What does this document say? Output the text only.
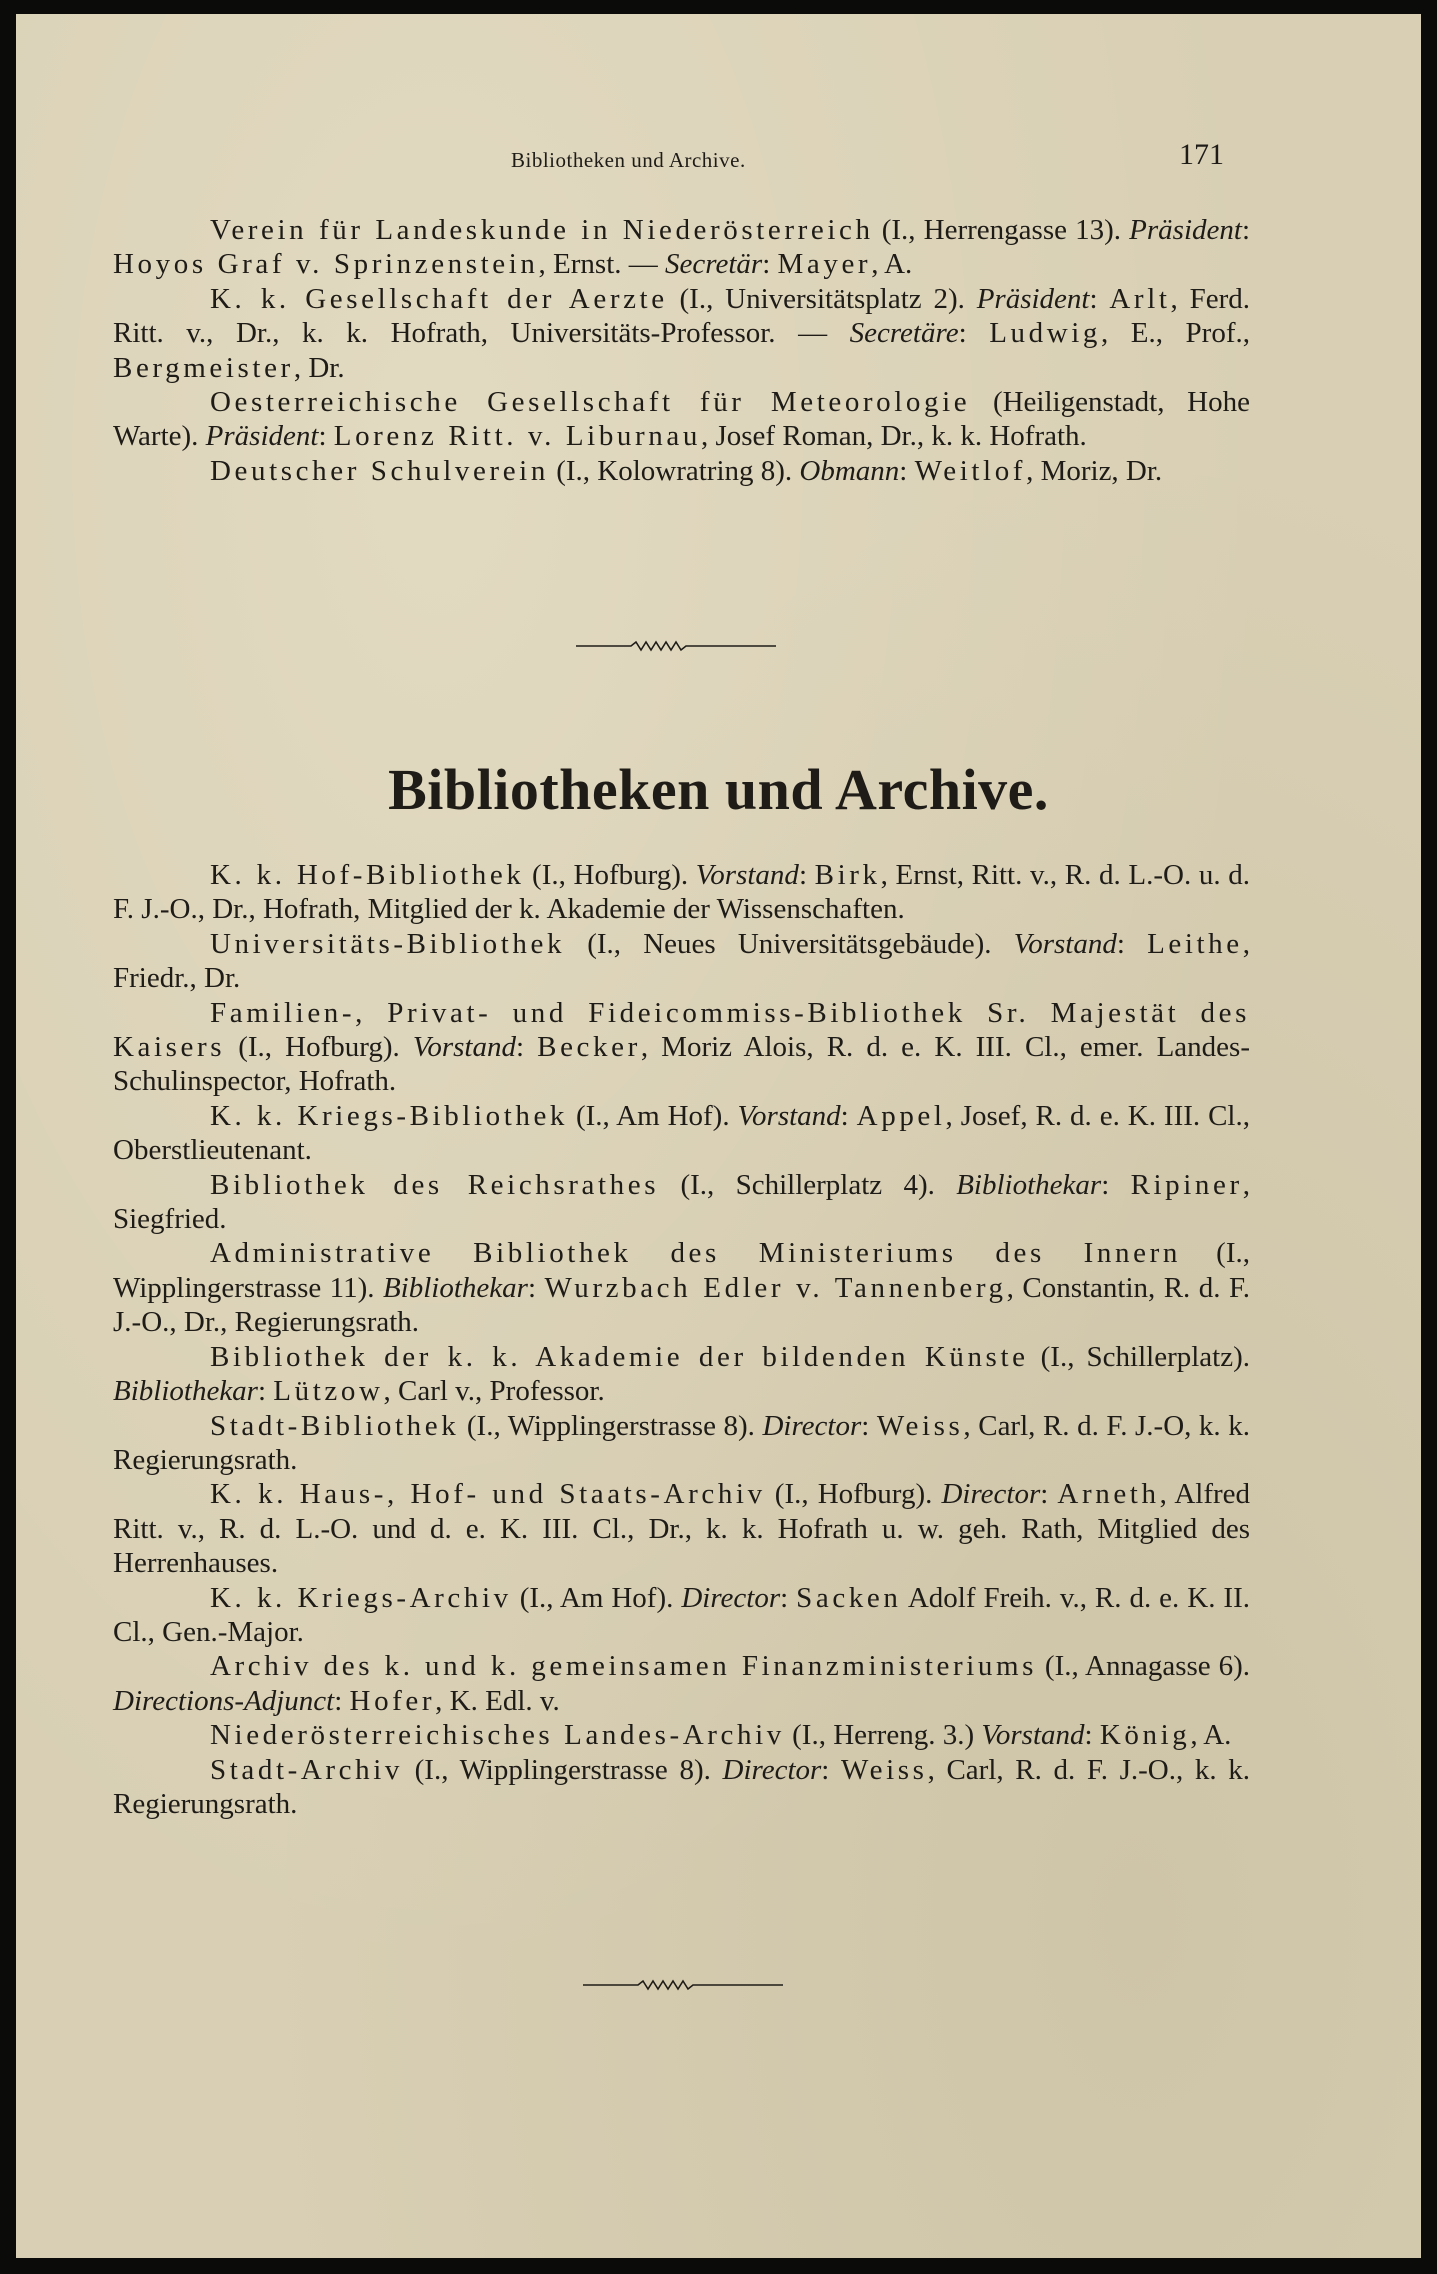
Bibliotheken und Archive.	171

Verein für Landeskunde in Niederösterreich (I., Herrengasse 13). Präsident: Hoyos Graf v. Sprinzenstein, Ernst. — Secretär: Mayer, A.

K. k. Gesellschaft der Aerzte (I., Universitätsplatz 2). Präsident: Arlt, Ferd. Ritt. v., Dr., k. k. Hofrath, Universitäts-Professor. — Secretäre: Ludwig, E., Prof., Bergmeister, Dr.

Oesterreichische Gesellschaft für Meteorologie (Heiligenstadt, Hohe Warte). Präsident: Lorenz Ritt. v. Liburnau, Josef Roman, Dr., k. k. Hofrath.

Deutscher Schulverein (I., Kolowratring 8). Obmann: Weitlof, Moriz, Dr.

Bibliotheken und Archive.

K. k. Hof-Bibliothek (I., Hofburg). Vorstand: Birk, Ernst, Ritt. v., R. d. L.-O. u. d. F. J.-O., Dr., Hofrath, Mitglied der k. Akademie der Wissenschaften.

Universitäts-Bibliothek (I., Neues Universitätsgebäude). Vorstand: Leithe, Friedr., Dr.

Familien-, Privat- und Fideicommiss-Bibliothek Sr. Majestät des Kaisers (I., Hofburg). Vorstand: Becker, Moriz Alois, R. d. e. K. III. Cl., emer. Landes-Schulinspector, Hofrath.

K. k. Kriegs-Bibliothek (I., Am Hof). Vorstand: Appel, Josef, R. d. e. K. III. Cl., Oberstlieutenant.

Bibliothek des Reichsrathes (I., Schillerplatz 4). Bibliothekar: Ripiner, Siegfried.

Administrative Bibliothek des Ministeriums des Innern (I., Wipplingerstrasse 11). Bibliothekar: Wurzbach Edler v. Tannenberg, Constantin, R. d. F. J.-O., Dr., Regierungsrath.

Bibliothek der k. k. Akademie der bildenden Künste (I., Schillerplatz). Bibliothekar: Lützow, Carl v., Professor.

Stadt-Bibliothek (I., Wipplingerstrasse 8). Director: Weiss, Carl, R. d. F. J.-O, k. k. Regierungsrath.

K. k. Haus-, Hof- und Staats-Archiv (I., Hofburg). Director: Arneth, Alfred Ritt. v., R. d. L.-O. und d. e. K. III. Cl., Dr., k. k. Hofrath u. w. geh. Rath, Mitglied des Herrenhauses.

K. k. Kriegs-Archiv (I., Am Hof). Director: Sacken Adolf Freih. v., R. d. e. K. II. Cl., Gen.-Major.

Archiv des k. und k. gemeinsamen Finanzministeriums (I., Annagasse 6). Directions-Adjunct: Hofer, K. Edl. v.

Niederösterreichisches Landes-Archiv (I., Herreng. 3.) Vorstand: König, A.

Stadt-Archiv (I., Wipplingerstrasse 8). Director: Weiss, Carl, R. d. F. J.-O., k. k. Regierungsrath.
